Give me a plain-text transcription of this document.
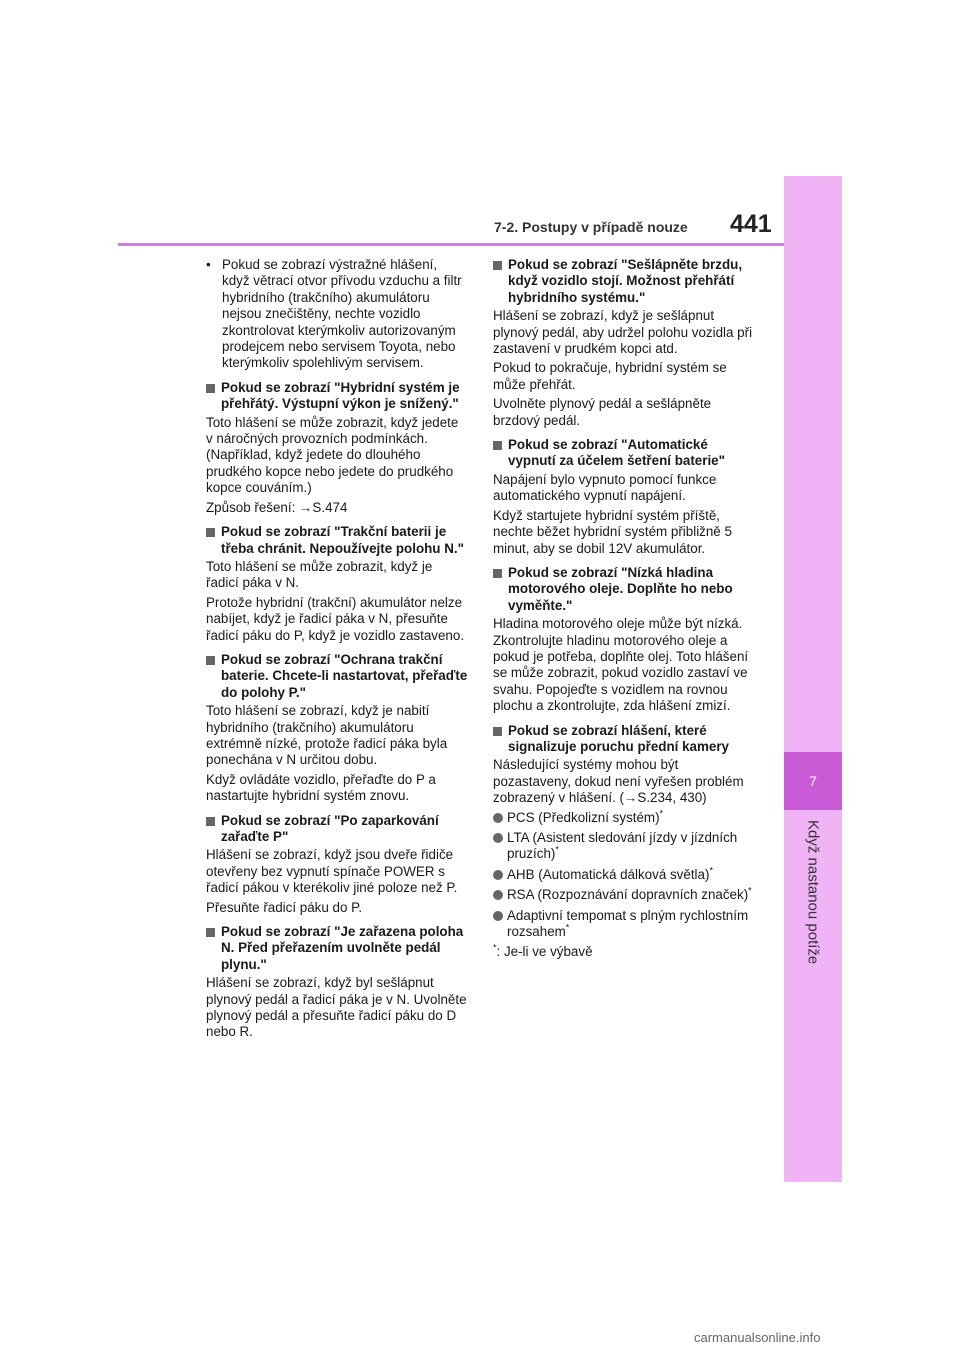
7
Když nastanou potíže
7-2. Postupy v případě nouze 441
• Pokud se zobrazí výstražné hlášení, když větrací otvor přívodu vzduchu a filtr hybridního (trakčního) akumulátoru nejsou znečištěny, nechte vozidlo zkontrolovat kterýmkoliv autorizovaným prodejcem nebo servisem Toyota, nebo kterýmkoliv spolehlivým servisem.
Pokud se zobrazí "Hybridní systém je přehřátý. Výstupní výkon je snížený."

Toto hlášení se může zobrazit, když jedete v náročných provozních podmínkách. (Například, když jedete do dlouhého prudkého kopce nebo jedete do prudkého kopce couváním.)

Způsob řešení: →S.474

Pokud se zobrazí "Trakční baterii je třeba chránit. Nepoužívejte polohu N."

Toto hlášení se může zobrazit, když je řadicí páka v N.

Protože hybridní (trakční) akumulátor nelze nabíjet, když je řadicí páka v N, přesuňte řadicí páku do P, když je vozidlo zastaveno.

Pokud se zobrazí "Ochrana trakční baterie. Chcete-li nastartovat, přeřaďte do polohy P."

Toto hlášení se zobrazí, když je nabití hybridního (trakčního) akumulátoru extrémně nízké, protože řadicí páka byla ponechána v N určitou dobu.

Když ovládáte vozidlo, přeřaďte do P a nastartujte hybridní systém znovu.

Pokud se zobrazí "Po zaparkování zařaďte P"

Hlášení se zobrazí, když jsou dveře řidiče otevřeny bez vypnutí spínače POWER s řadicí pákou v kterékoliv jiné poloze než P.

Přesuňte řadicí páku do P.

Pokud se zobrazí "Je zařazena poloha N. Před přeřazením uvolněte pedál plynu."

Hlášení se zobrazí, když byl sešlápnut plynový pedál a řadicí páka je v N. Uvolněte plynový pedál a přesuňte řadicí páku do D nebo R.

Pokud se zobrazí "Sešlápněte brzdu, když vozidlo stojí. Možnost přehřátí hybridního systému."

Hlášení se zobrazí, když je sešlápnut plynový pedál, aby udržel polohu vozidla při zastavení v prudkém kopci atd.

Pokud to pokračuje, hybridní systém se může přehřát.

Uvolněte plynový pedál a sešlápněte brzdový pedál.

Pokud se zobrazí "Automatické vypnutí za účelem šetření baterie"

Napájení bylo vypnuto pomocí funkce automatického vypnutí napájení.

Když startujete hybridní systém příště, nechte běžet hybridní systém přibližně 5 minut, aby se dobil 12V akumulátor.

Pokud se zobrazí "Nízká hladina motorového oleje. Doplňte ho nebo vyměňte."

Hladina motorového oleje může být nízká. Zkontrolujte hladinu motorového oleje a pokud je potřeba, doplňte olej. Toto hlášení se může zobrazit, pokud vozidlo zastaví ve svahu. Popojeďte s vozidlem na rovnou plochu a zkontrolujte, zda hlášení zmizí.

Pokud se zobrazí hlášení, které signalizuje poruchu přední kamery

Následující systémy mohou být pozastaveny, dokud není vyřešen problém zobrazený v hlášení. (→S.234, 430)

PCS (Předkolizní systém)*
LTA (Asistent sledování jízdy v jízdních pruzích)*
AHB (Automatická dálková světla)*
RSA (Rozpoznávání dopravních značek)*
Adaptivní tempomat s plným rychlostním rozsahem*
*: Je-li ve výbavě
carmanualsonline.info
